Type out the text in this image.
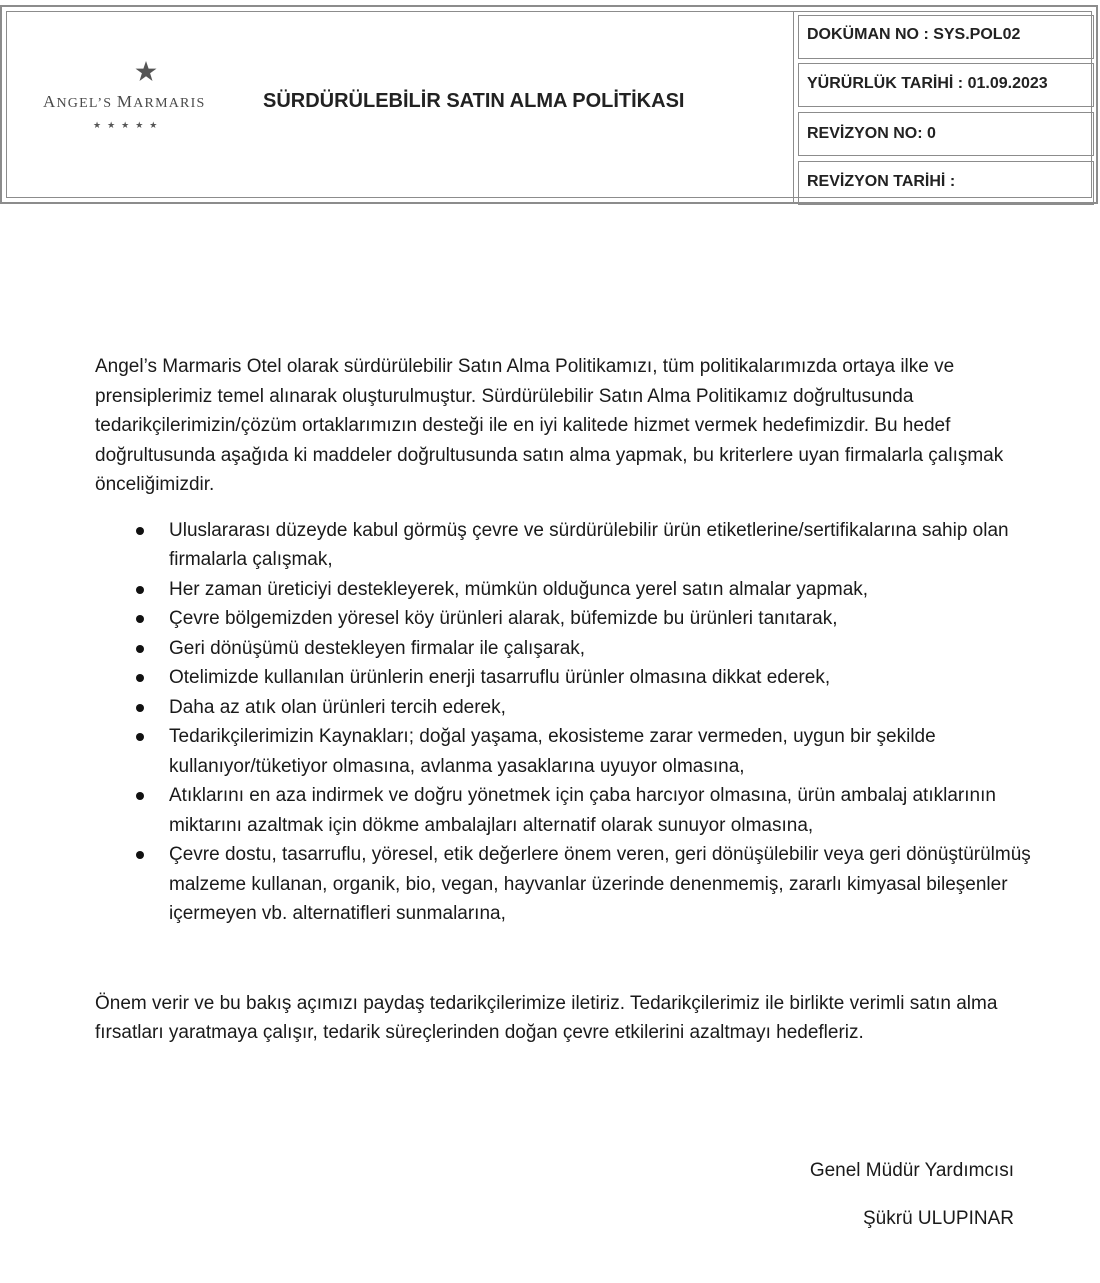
ANGEL’S MARMARIS
★★★★★
SÜRDÜRÜLEBİLİR SATIN ALMA POLİTİKASI
DOKÜMAN NO : SYS.POL02
YÜRÜRLÜK TARİHİ : 01.09.2023
REVİZYON NO: 0
REVİZYON TARİHİ :

Angel’s Marmaris Otel olarak sürdürülebilir Satın Alma Politikamızı, tüm politikalarımızda ortaya ilke ve prensiplerimiz temel alınarak oluşturulmuştur. Sürdürülebilir Satın Alma Politikamız doğrultusunda tedarikçilerimizin/çözüm ortaklarımızın desteği ile en iyi kalitede hizmet vermek hedefimizdir. Bu hedef doğrultusunda aşağıda ki maddeler doğrultusunda satın alma yapmak, bu kriterlere uyan firmalarla çalışmak önceliğimizdir.

Uluslararası düzeyde kabul görmüş çevre ve sürdürülebilir ürün etiketlerine/sertifikalarına sahip olan firmalarla çalışmak,
Her zaman üreticiyi destekleyerek, mümkün olduğunca yerel satın almalar yapmak,
Çevre bölgemizden yöresel köy ürünleri alarak, büfemizde bu ürünleri tanıtarak,
Geri dönüşümü destekleyen firmalar ile çalışarak,
Otelimizde kullanılan ürünlerin enerji tasarruflu ürünler olmasına dikkat ederek,
Daha az atık olan ürünleri tercih ederek,
Tedarikçilerimizin Kaynakları; doğal yaşama, ekosisteme zarar vermeden, uygun bir şekilde kullanıyor/tüketiyor olmasına, avlanma yasaklarına uyuyor olmasına,
Atıklarını en aza indirmek ve doğru yönetmek için çaba harcıyor olmasına, ürün ambalaj atıklarının miktarını azaltmak için dökme ambalajları alternatif olarak sunuyor olmasına,
Çevre dostu, tasarruflu, yöresel, etik değerlere önem veren, geri dönüşülebilir veya geri dönüştürülmüş malzeme kullanan, organik, bio, vegan, hayvanlar üzerinde denenmemiş, zararlı kimyasal bileşenler içermeyen vb. alternatifleri sunmalarına,

Önem verir ve bu bakış açımızı paydaş tedarikçilerimize iletiriz. Tedarikçilerimiz ile birlikte verimli satın alma fırsatları yaratmaya çalışır, tedarik süreçlerinden doğan çevre etkilerini azaltmayı hedefleriz.

Genel Müdür Yardımcısı
Şükrü ULUPINAR
